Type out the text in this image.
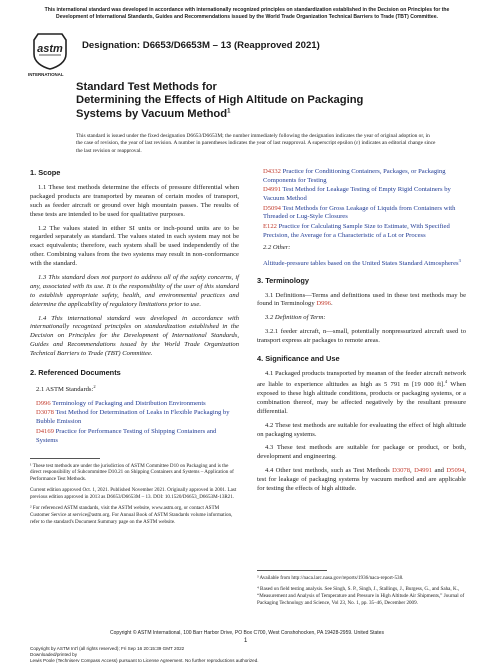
This international standard was developed in accordance with internationally recognized principles on standardization established in the Decision on Principles for the Development of International Standards, Guides and Recommendations issued by the World Trade Organization Technical Barriers to Trade (TBT) Committee.
astm
INTERNATIONAL
Designation: D6653/D6653M – 13 (Reapproved 2021)
Standard Test Methods for
Determining the Effects of High Altitude on Packaging
Systems by Vacuum Method$^1$
This standard is issued under the fixed designation D6653/D6653M; the number immediately following the designation indicates the year of original adoption or, in the case of revision, the year of last revision. A number in parentheses indicates the year of last reapproval. A superscript epsilon (ε) indicates an editorial change since the last revision or reapproval.
1. Scope

1.1 These test methods determine the effects of pressure differential when packaged products are transported by meansn of certain modes of transport, such as feeder aircraft or ground over high mountain passes. The results of these tests are intended to be used for qualitative purposes.

1.2 The values stated in either SI units or inch-pound units are to be regarded separately as standard. The values stated in each system may not be exact equivalents; therefore, each system shall be used independently of the other. Combining values from the two systems may result in non-conformance with the standard.

1.3 This standard does not purport to address all of the safety concerns, if any, associated with its use. It is the responsibility of the user of this standard to establish appropriate safety, health, and environmental practices and determine the applicability of regulatory limitations prior to use.

1.4 This international standard was developed in accordance with internationally recognized principles on standardization established in the Decision on Principles for the Development of International Standards, Guides and Recommendations issued by the World Trade Organization Technical Barriers to Trade (TBT) Committee.

2. Referenced Documents

2.1 ASTM Standards:$^2$

D996 Terminology of Packaging and Distribution Environments
D3078 Test Method for Determination of Leaks in Flexible Packaging by Bubble Emission
D4169 Practice for Performance Testing of Shipping Containers and Systems

¹ These test methods are under the jurisdiction of ASTM Committee D10 on Packaging and is the direct responsibility of Subcommittee D10.21 on Shipping Containers and Systems – Application of Performance Test Methods.

Current edition approved Oct. 1, 2021. Published November 2021. Originally approved in 2001. Last previous edition approved in 2013 as D6653/D6653M – 13. DOI: 10.1520/D6653_D6653M-13R21.

² For referenced ASTM standards, visit the ASTM website, www.astm.org, or contact ASTM Customer Service at service@astm.org. For Annual Book of ASTM Standards volume information, refer to the standard's Document Summary page on the ASTM website.

D4332 Practice for Conditioning Containers, Packages, or Packaging Components for Testing
D4991 Test Method for Leakage Testing of Empty Rigid Containers by Vacuum Method
D5094 Test Methods for Gross Leakage of Liquids from Containers with Threaded or Lug-Style Closures
E122 Practice for Calculating Sample Size to Estimate, With Specified Precision, the Average for a Characteristic of a Lot or Process

2.2 Other:

Altitude-pressure tables based on the United States Standard Atmospheres$^3$
3. Terminology

3.1 Definitions—Terms and definitions used in these test methods may be found in Terminology D996.

3.2 Definition of Term:

3.2.1 feeder aircraft, n—small, potentially nonpressurized aircraft used to transport express air packages to remote areas.

4. Significance and Use

4.1 Packaged products transported by meansn of the feeder aircraft network are liable to experience altitudes as high as 5 791 m [19 000 ft].$^4$ When exposed to these high altitude conditions, products or packaging systems, or a combination thereof, may be affected negatively by the resultant pressure differential.

4.2 These test methods are suitable for evaluating the effect of high altitude on packaging systems.

4.3 These test methods are suitable for package or product, or both, development and engineering.

4.4 Other test methods, such as Test Methods D3078, D4991 and D5094, test for leakage of packaging systems by vacuum method and are applicable for testing the effects of high altitude.

³ Available from http://naca.larc.nasa.gov/reports/1936/naca-report-538.

⁴ Based on field testing analysis. See Singh, S. P., Singh, J., Stallings, J., Burgess, G., and Saha, K., “Measurement and Analysis of Temperature and Pressure in High Altitude Air Shipments,” Journal of Packaging Technology and Science, Vol 23, No. 1, pp. 35–46, December 2009.

Copyright © ASTM International, 100 Barr Harbor Drive, PO Box C700, West Conshohocken, PA 19428-2959. United States
1
Copyright by ASTM Int'l (all rights reserved); Fri Sep 16 20:15:39 GMT 2022
Downloaded/printed by
Lewis Poole (Techniserv Compass Access) pursuant to License Agreement. No further reproductions authorized.
